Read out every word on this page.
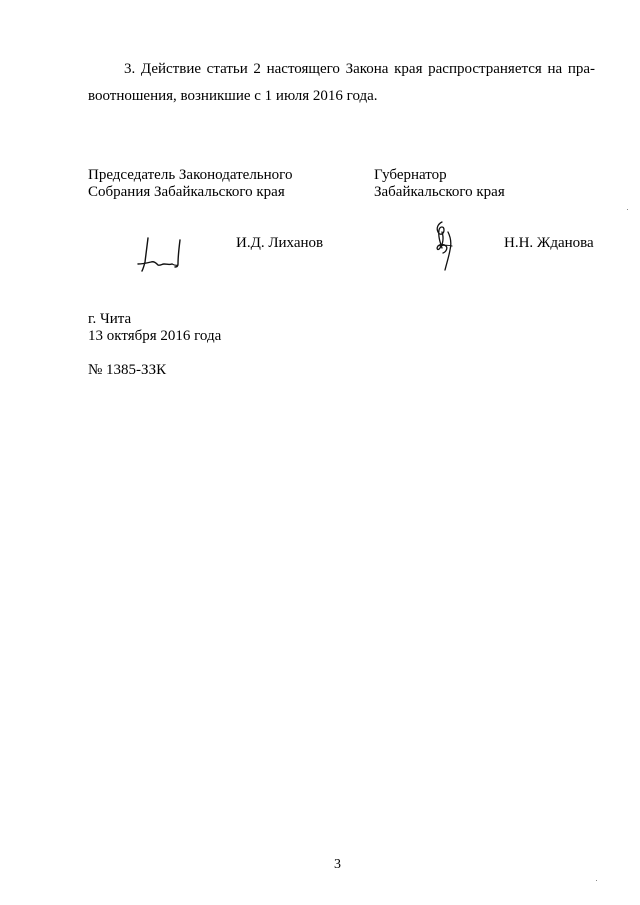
3. Действие статьи 2 настоящего Закона края распространяется на пра-
воотношения, возникшие с 1 июля 2016 года.
Председатель Законодательного
Собрания Забайкальского края
Губернатор
Забайкальского края
И.Д. Лиханов	Н.Н. Жданова
г. Чита
13 октября 2016 года
№ 1385-ЗЗК
3
